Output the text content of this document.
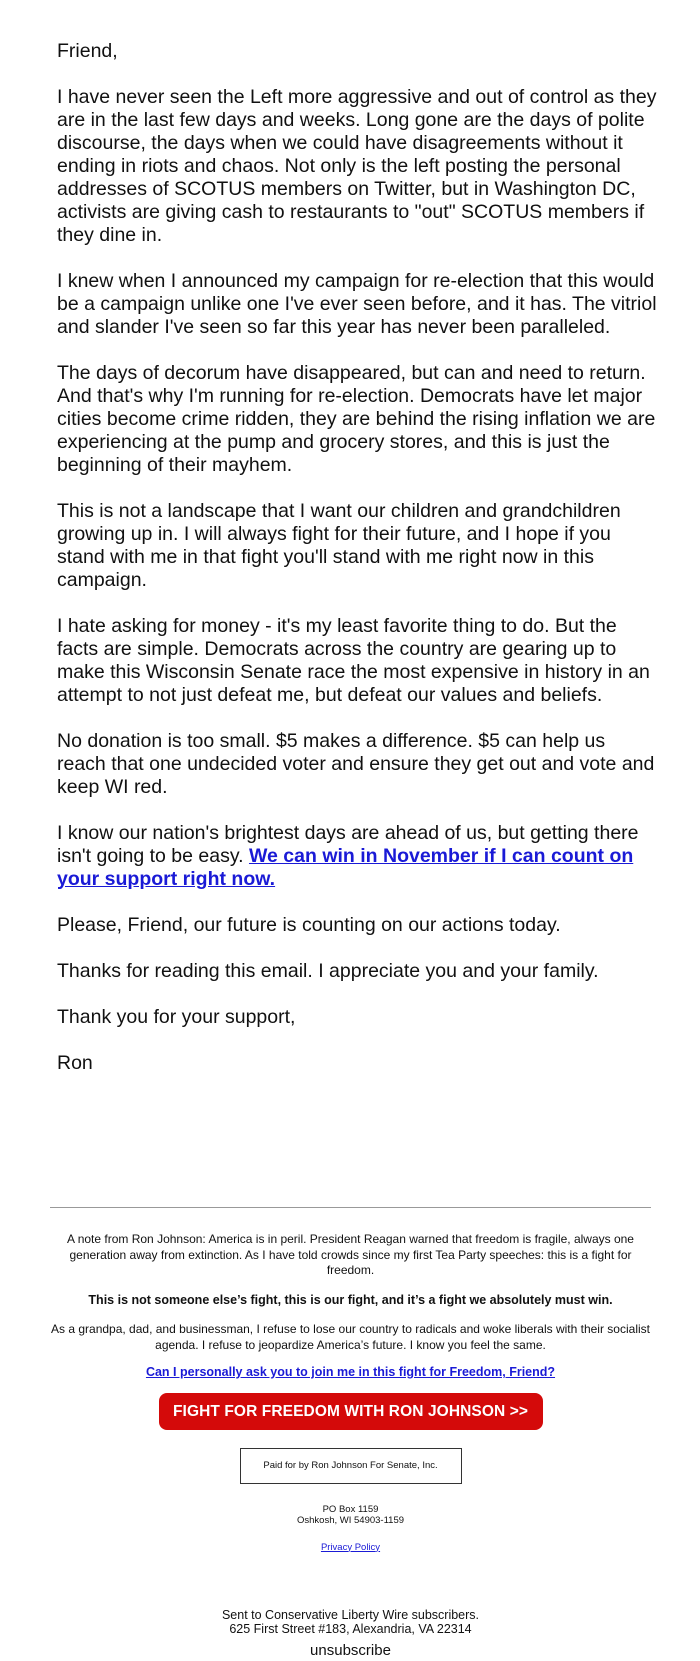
Friend,

I have never seen the Left more aggressive and out of control as they are in the last few days and weeks. Long gone are the days of polite discourse, the days when we could have disagreements without it ending in riots and chaos. Not only is the left posting the personal addresses of SCOTUS members on Twitter, but in Washington DC, activists are giving cash to restaurants to "out" SCOTUS members if they dine in.

I knew when I announced my campaign for re-election that this would be a campaign unlike one I've ever seen before, and it has. The vitriol and slander I've seen so far this year has never been paralleled.

The days of decorum have disappeared, but can and need to return. And that's why I'm running for re-election. Democrats have let major cities become crime ridden, they are behind the rising inflation we are experiencing at the pump and grocery stores, and this is just the beginning of their mayhem.

This is not a landscape that I want our children and grandchildren growing up in. I will always fight for their future, and I hope if you stand with me in that fight you'll stand with me right now in this campaign.

I hate asking for money - it's my least favorite thing to do. But the facts are simple. Democrats across the country are gearing up to make this Wisconsin Senate race the most expensive in history in an attempt to not just defeat me, but defeat our values and beliefs.

No donation is too small. $5 makes a difference. $5 can help us reach that one undecided voter and ensure they get out and vote and keep WI red.

I know our nation's brightest days are ahead of us, but getting there isn't going to be easy. We can win in November if I can count on your support right now.

Please, Friend, our future is counting on our actions today.

Thanks for reading this email. I appreciate you and your family.

Thank you for your support,

Ron

A note from Ron Johnson: America is in peril. President Reagan warned that freedom is fragile, always one generation away from extinction. As I have told crowds since my first Tea Party speeches: this is a fight for freedom.

This is not someone else’s fight, this is our fight, and it’s a fight we absolutely must win.

As a grandpa, dad, and businessman, I refuse to lose our country to radicals and woke liberals with their socialist agenda. I refuse to jeopardize America’s future. I know you feel the same.

Can I personally ask you to join me in this fight for Freedom, Friend?
FIGHT FOR FREEDOM WITH RON JOHNSON >>
Paid for by Ron Johnson For Senate, Inc.

PO Box 1159
Oshkosh, WI 54903-1159

Privacy Policy

Sent to Conservative Liberty Wire subscribers.

625 First Street #183, Alexandria, VA 22314

unsubscribe
